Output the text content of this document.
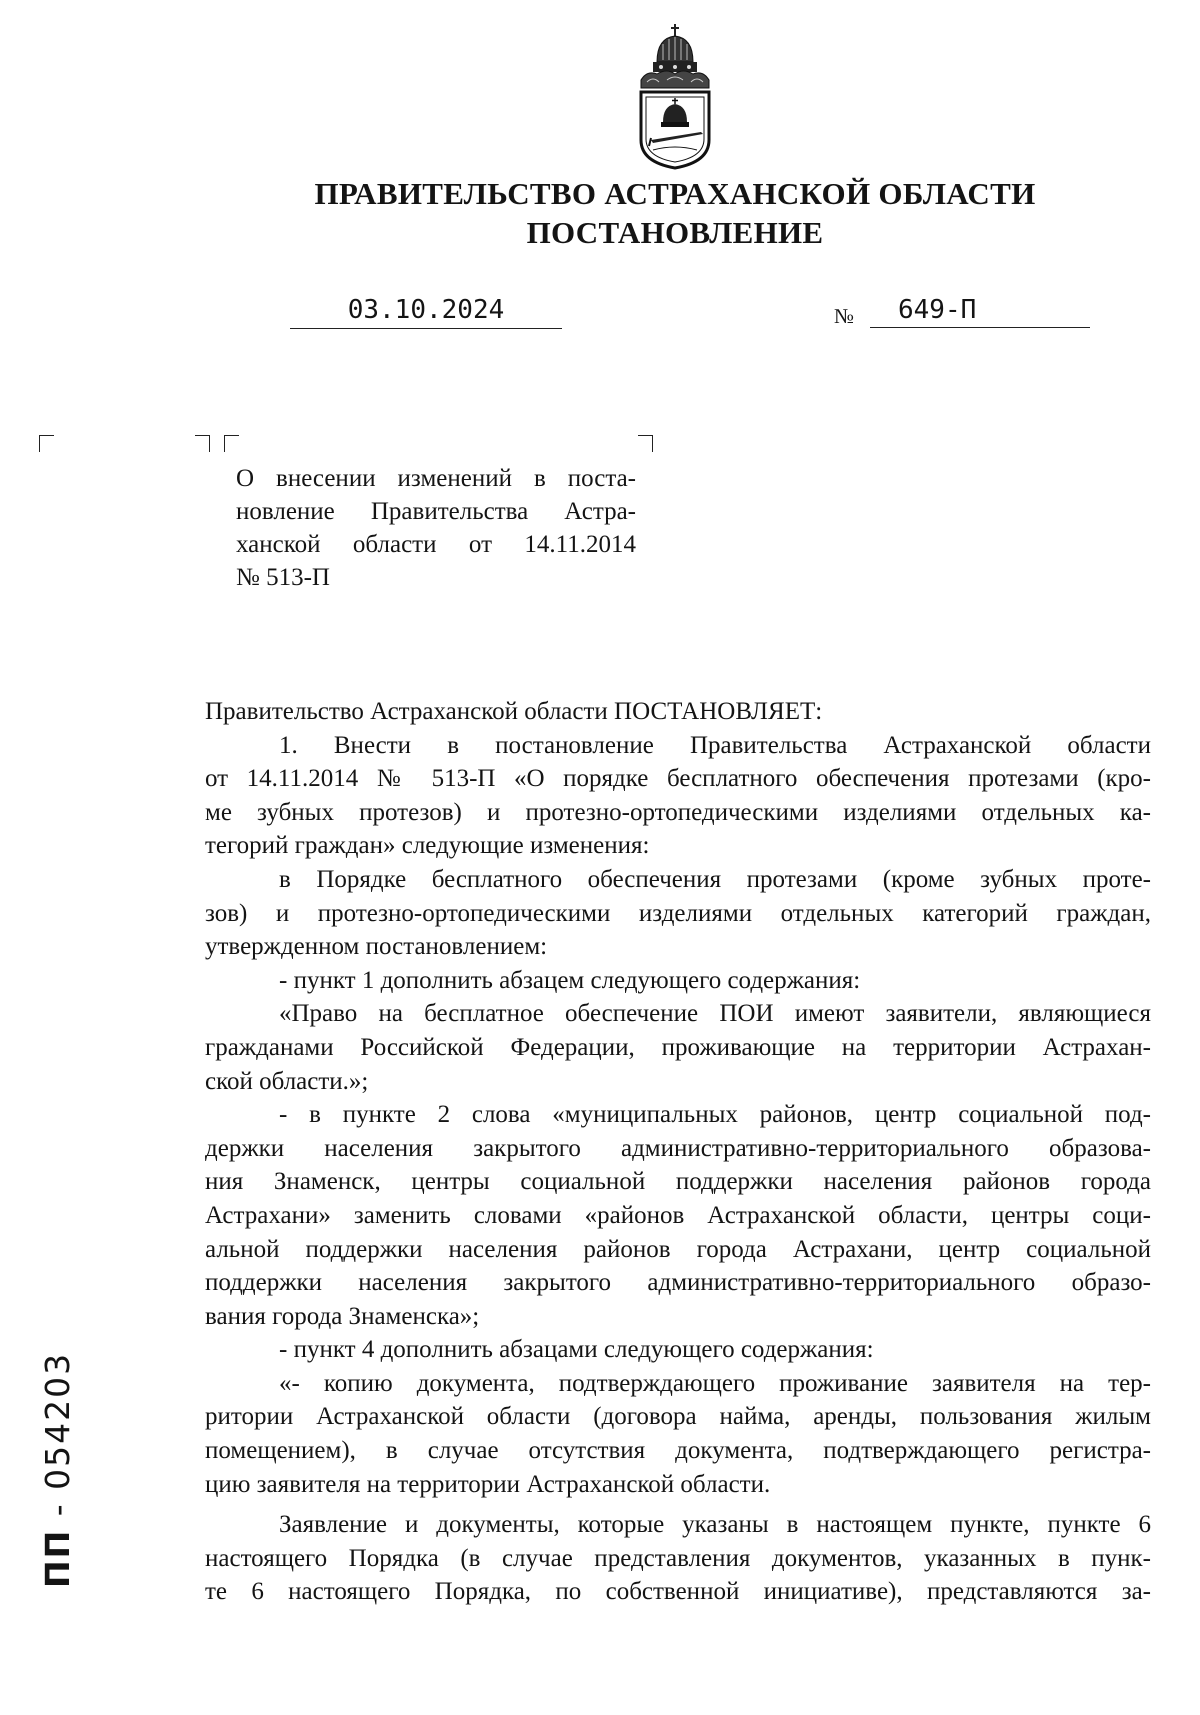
ПРАВИТЕЛЬСТВО АСТРАХАНСКОЙ ОБЛАСТИ
ПОСТАНОВЛЕНИЕ
03.10.2024	№	649-П
О внесении изменений в поста-
новление Правительства Астра-
ханской области от 14.11.2014
№ 513-П
Правительство Астраханской области ПОСТАНОВЛЯЕТ:
1. Внести в постановление Правительства Астраханской области
от 14.11.2014 № 513-П «О порядке бесплатного обеспечения протезами (кро-
ме зубных протезов) и протезно-ортопедическими изделиями отдельных ка-
тегорий граждан» следующие изменения:
в Порядке бесплатного обеспечения протезами (кроме зубных проте-
зов) и протезно-ортопедическими изделиями отдельных категорий граждан,
утвержденном постановлением:
- пункт 1 дополнить абзацем следующего содержания:
«Право на бесплатное обеспечение ПОИ имеют заявители, являющиеся
гражданами Российской Федерации, проживающие на территории Астрахан-
ской области.»;
- в пункте 2 слова «муниципальных районов, центр социальной под-
держки населения закрытого административно-территориального образова-
ния Знаменск, центры социальной поддержки населения районов города
Астрахани» заменить словами «районов Астраханской области, центры соци-
альной поддержки населения районов города Астрахани, центр социальной
поддержки населения закрытого административно-территориального образо-
вания города Знаменска»;
- пункт 4 дополнить абзацами следующего содержания:
«- копию документа, подтверждающего проживание заявителя на тер-
ритории Астраханской области (договора найма, аренды, пользования жилым
помещением), в случае отсутствия документа, подтверждающего регистра-
цию заявителя на территории Астраханской области.
Заявление и документы, которые указаны в настоящем пункте, пункте 6
настоящего Порядка (в случае представления документов, указанных в пунк-
те 6 настоящего Порядка, по собственной инициативе), представляются за-
ПП - 054203
